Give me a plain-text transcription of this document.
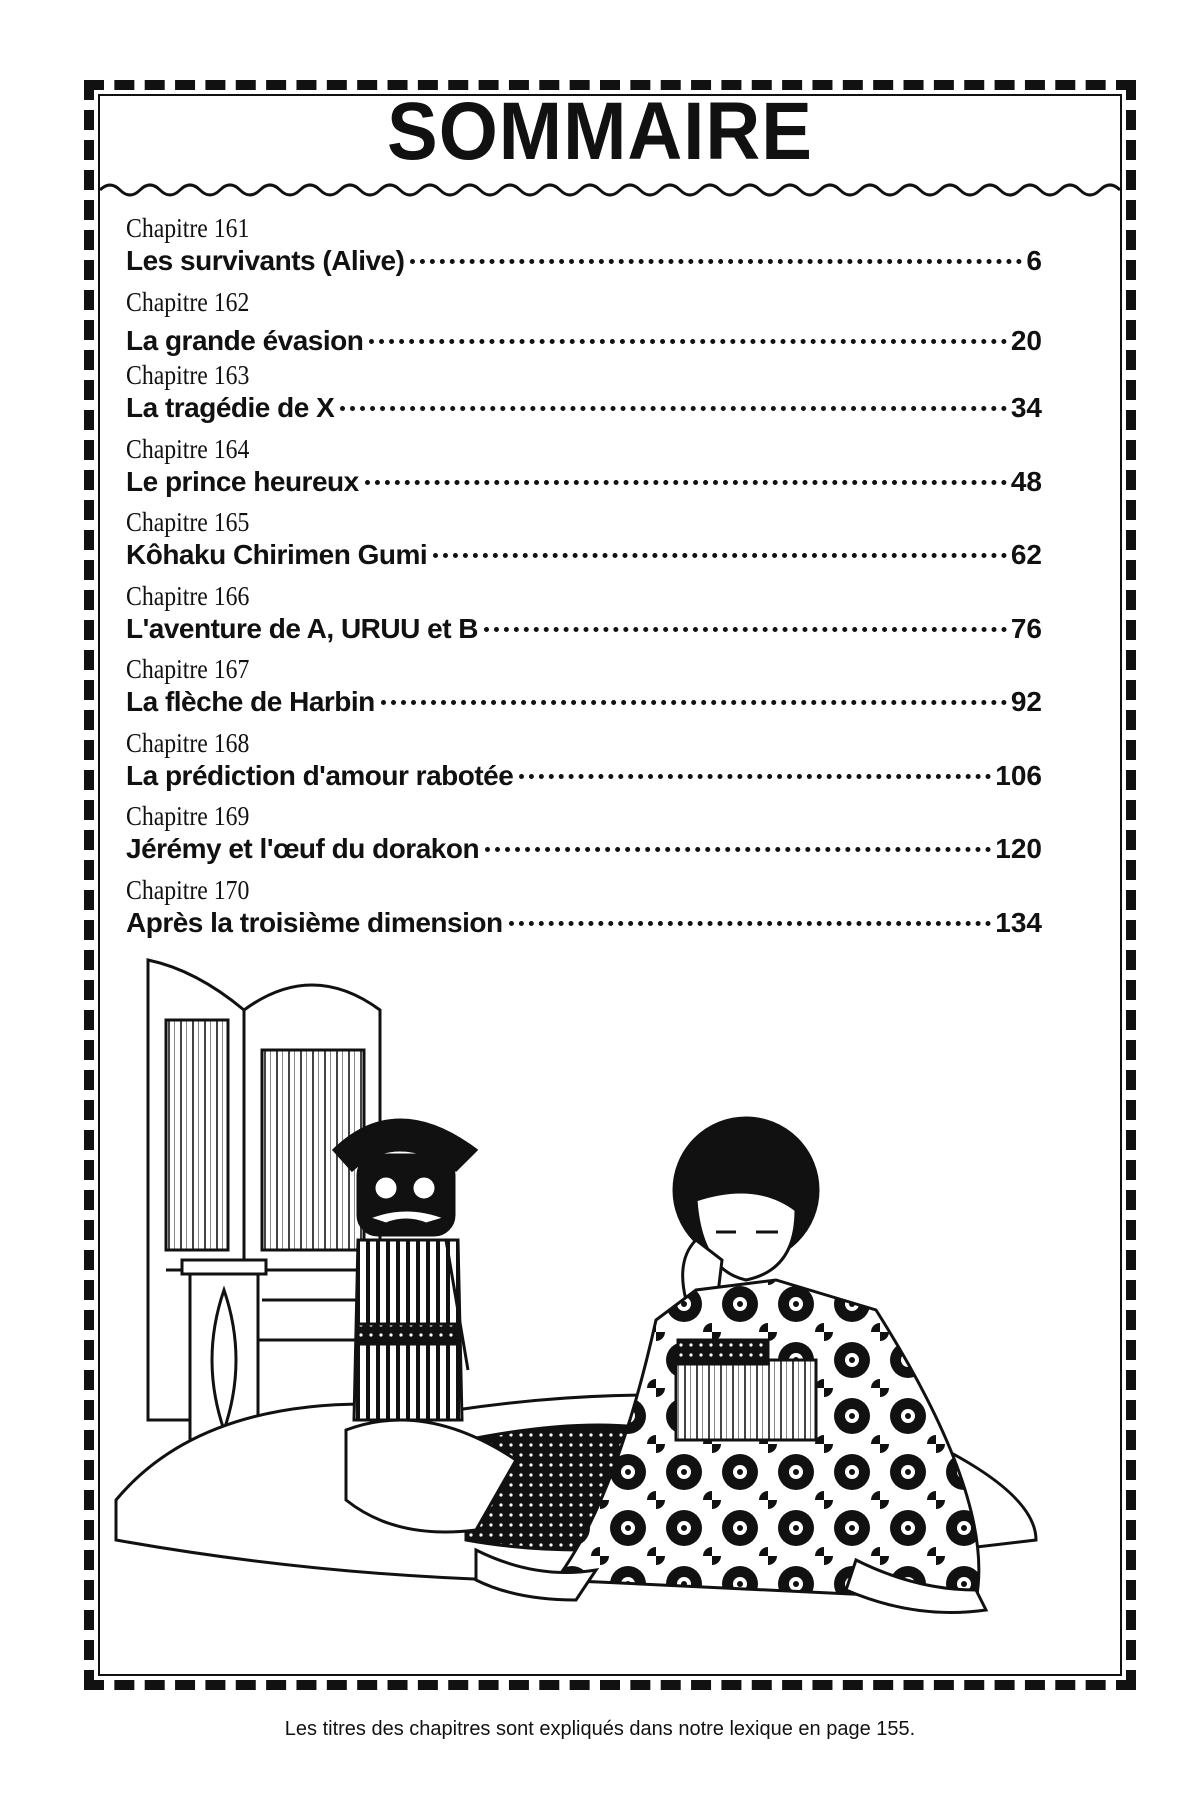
SOMMAIRE
Chapitre 161
Les survivants (Alive)	6
Chapitre 162
La grande évasion	20
Chapitre 163
La tragédie de X	34
Chapitre 164
Le prince heureux	48
Chapitre 165
Kôhaku Chirimen Gumi	62
Chapitre 166
L'aventure de A, URUU et B	76
Chapitre 167
La flèche de Harbin	92
Chapitre 168
La prédiction d'amour rabotée	106
Chapitre 169
Jérémy et l'œuf du dorakon	120
Chapitre 170
Après la troisième dimension	134
Les titres des chapitres sont expliqués dans notre lexique en page 155.
